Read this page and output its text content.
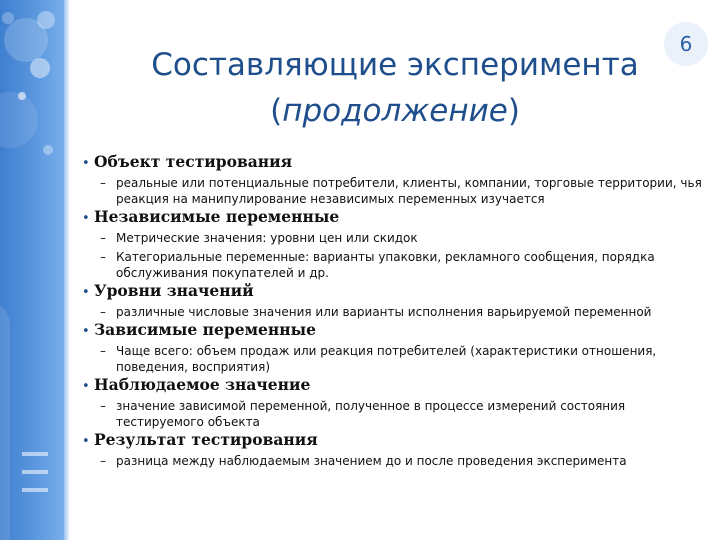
6
Составляющие эксперимента
(продолжение)
• Объект тестирования
– реальные или потенциальные потребители, клиенты, компании, торговые территории, чья реакция на манипулирование независимых переменных изучается
• Независимые переменные
– Метрические значения: уровни цен или скидок
– Категориальные переменные: варианты упаковки, рекламного сообщения, порядка обслуживания покупателей и др.
• Уровни значений
– различные числовые значения или варианты исполнения варьируемой переменной
• Зависимые переменные
– Чаще всего: объем продаж или реакция потребителей (характеристики отношения, поведения, восприятия)
• Наблюдаемое значение
– значение зависимой переменной, полученное в процессе измерений состояния тестируемого объекта
• Результат тестирования
– разница между наблюдаемым значением до и после проведения эксперимента
